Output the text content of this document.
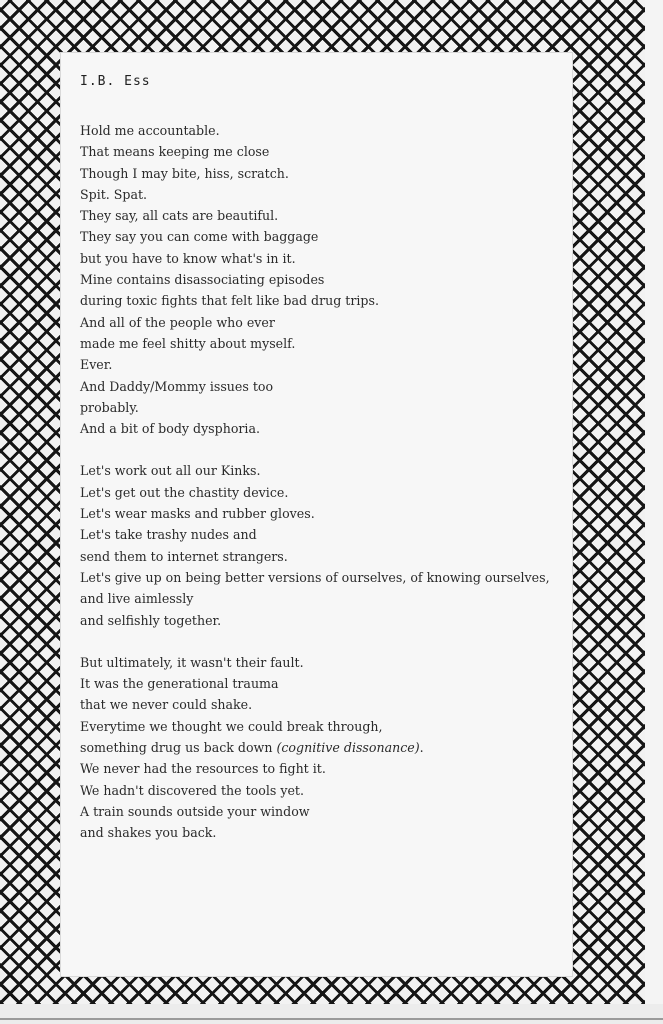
I.B. Ess

Hold me accountable.
That means keeping me close
Though I may bite, hiss, scratch.
Spit. Spat.
They say, all cats are beautiful.
They say you can come with baggage
but you have to know what's in it.
Mine contains disassociating episodes
during toxic fights that felt like bad drug trips.
And all of the people who ever
made me feel shitty about myself.
Ever.
And Daddy/Mommy issues too
probably.
And a bit of body dysphoria.

Let's work out all our Kinks.
Let's get out the chastity device.
Let's wear masks and rubber gloves.
Let's take trashy nudes and
send them to internet strangers.
Let's give up on being better versions of ourselves, of knowing ourselves,
and live aimlessly
and selfishly together.

But ultimately, it wasn't their fault.
It was the generational trauma
that we never could shake.
Everytime we thought we could break through,
something drug us back down (cognitive dissonance).
We never had the resources to fight it.
We hadn't discovered the tools yet.
A train sounds outside your window
and shakes you back.
